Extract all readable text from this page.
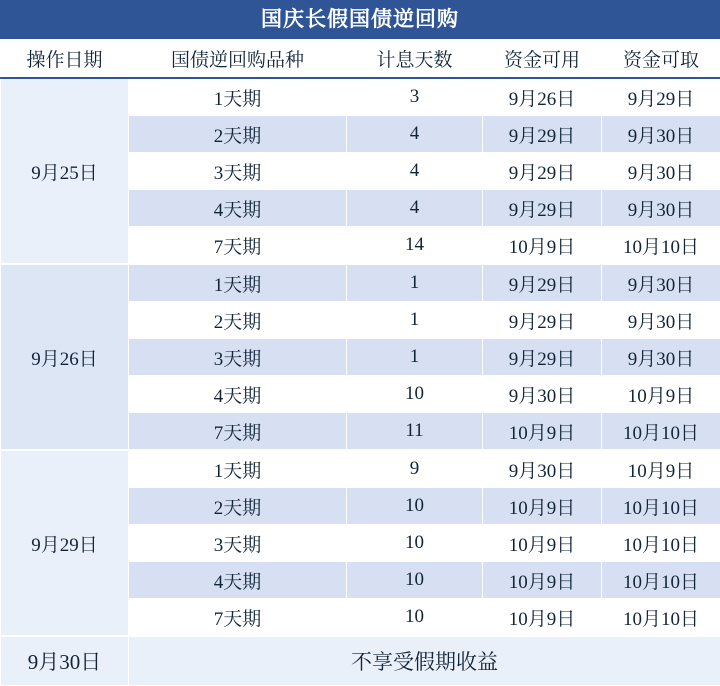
国庆长假国债逆回购
操作日期	国债逆回购品种	计息天数	资金可用	资金可取
9月25日	1天期	3	9月26日	9月29日
	2天期	4	9月29日	9月30日
	3天期	4	9月29日	9月30日
	4天期	4	9月29日	9月30日
	7天期	14	10月9日	10月10日
9月26日	1天期	1	9月29日	9月30日
	2天期	1	9月29日	9月30日
	3天期	1	9月29日	9月30日
	4天期	10	9月30日	10月9日
	7天期	11	10月9日	10月10日
9月29日	1天期	9	9月30日	10月9日
	2天期	10	10月9日	10月10日
	3天期	10	10月9日	10月10日
	4天期	10	10月9日	10月10日
	7天期	10	10月9日	10月10日
9月30日	不享受假期收益			
